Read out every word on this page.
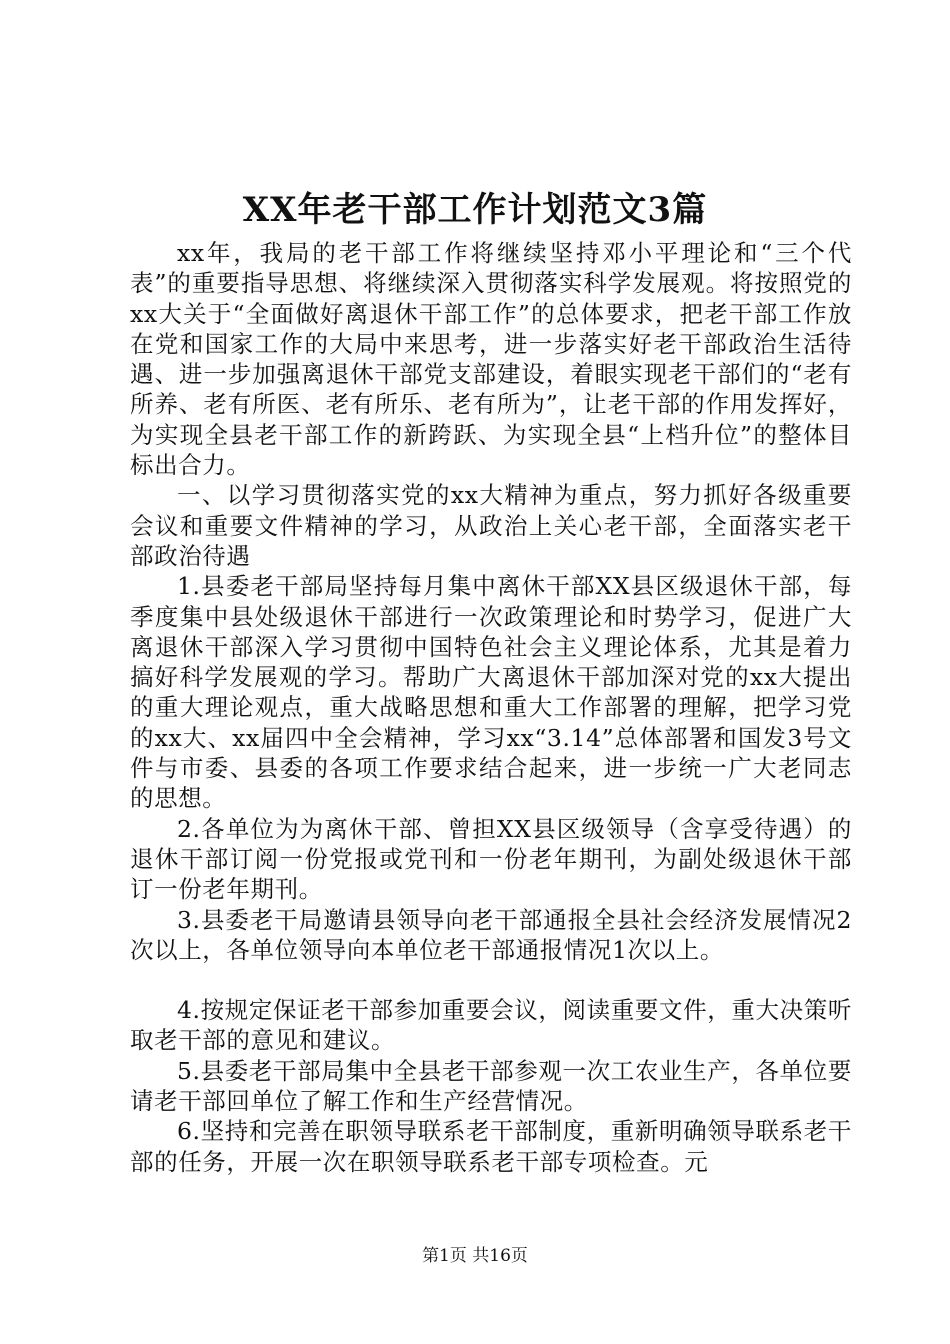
XX年老干部工作计划范文3篇

xx年，我局的老干部工作将继续坚持邓小平理论和“三个代表”的重要指导思想、将继续深入贯彻落实科学发展观。将按照党的xx大关于“全面做好离退休干部工作”的总体要求，把老干部工作放在党和国家工作的大局中来思考，进一步落实好老干部政治生活待遇、进一步加强离退休干部党支部建设，着眼实现老干部们的“老有所养、老有所医、老有所乐、老有所为”，让老干部的作用发挥好，为实现全县老干部工作的新跨跃、为实现全县“上档升位”的整体目标出合力。

一、以学习贯彻落实党的xx大精神为重点，努力抓好各级重要会议和重要文件精神的学习，从政治上关心老干部，全面落实老干部政治待遇

1.县委老干部局坚持每月集中离休干部XX县区级退休干部，每季度集中县处级退休干部进行一次政策理论和时势学习，促进广大离退休干部深入学习贯彻中国特色社会主义理论体系，尤其是着力搞好科学发展观的学习。帮助广大离退休干部加深对党的xx大提出的重大理论观点，重大战略思想和重大工作部署的理解，把学习党的xx大、xx届四中全会精神，学习xx“3.14”总体部署和国发3号文件与市委、县委的各项工作要求结合起来，进一步统一广大老同志的思想。

2.各单位为为离休干部、曾担XX县区级领导（含享受待遇）的退休干部订阅一份党报或党刊和一份老年期刊，为副处级退休干部订一份老年期刊。

3.县委老干局邀请县领导向老干部通报全县社会经济发展情况2次以上，各单位领导向本单位老干部通报情况1次以上。

4.按规定保证老干部参加重要会议，阅读重要文件，重大决策听取老干部的意见和建议。

5.县委老干部局集中全县老干部参观一次工农业生产，各单位要请老干部回单位了解工作和生产经营情况。

6.坚持和完善在职领导联系老干部制度，重新明确领导联系老干部的任务，开展一次在职领导联系老干部专项检查。元

第1页 共16页
